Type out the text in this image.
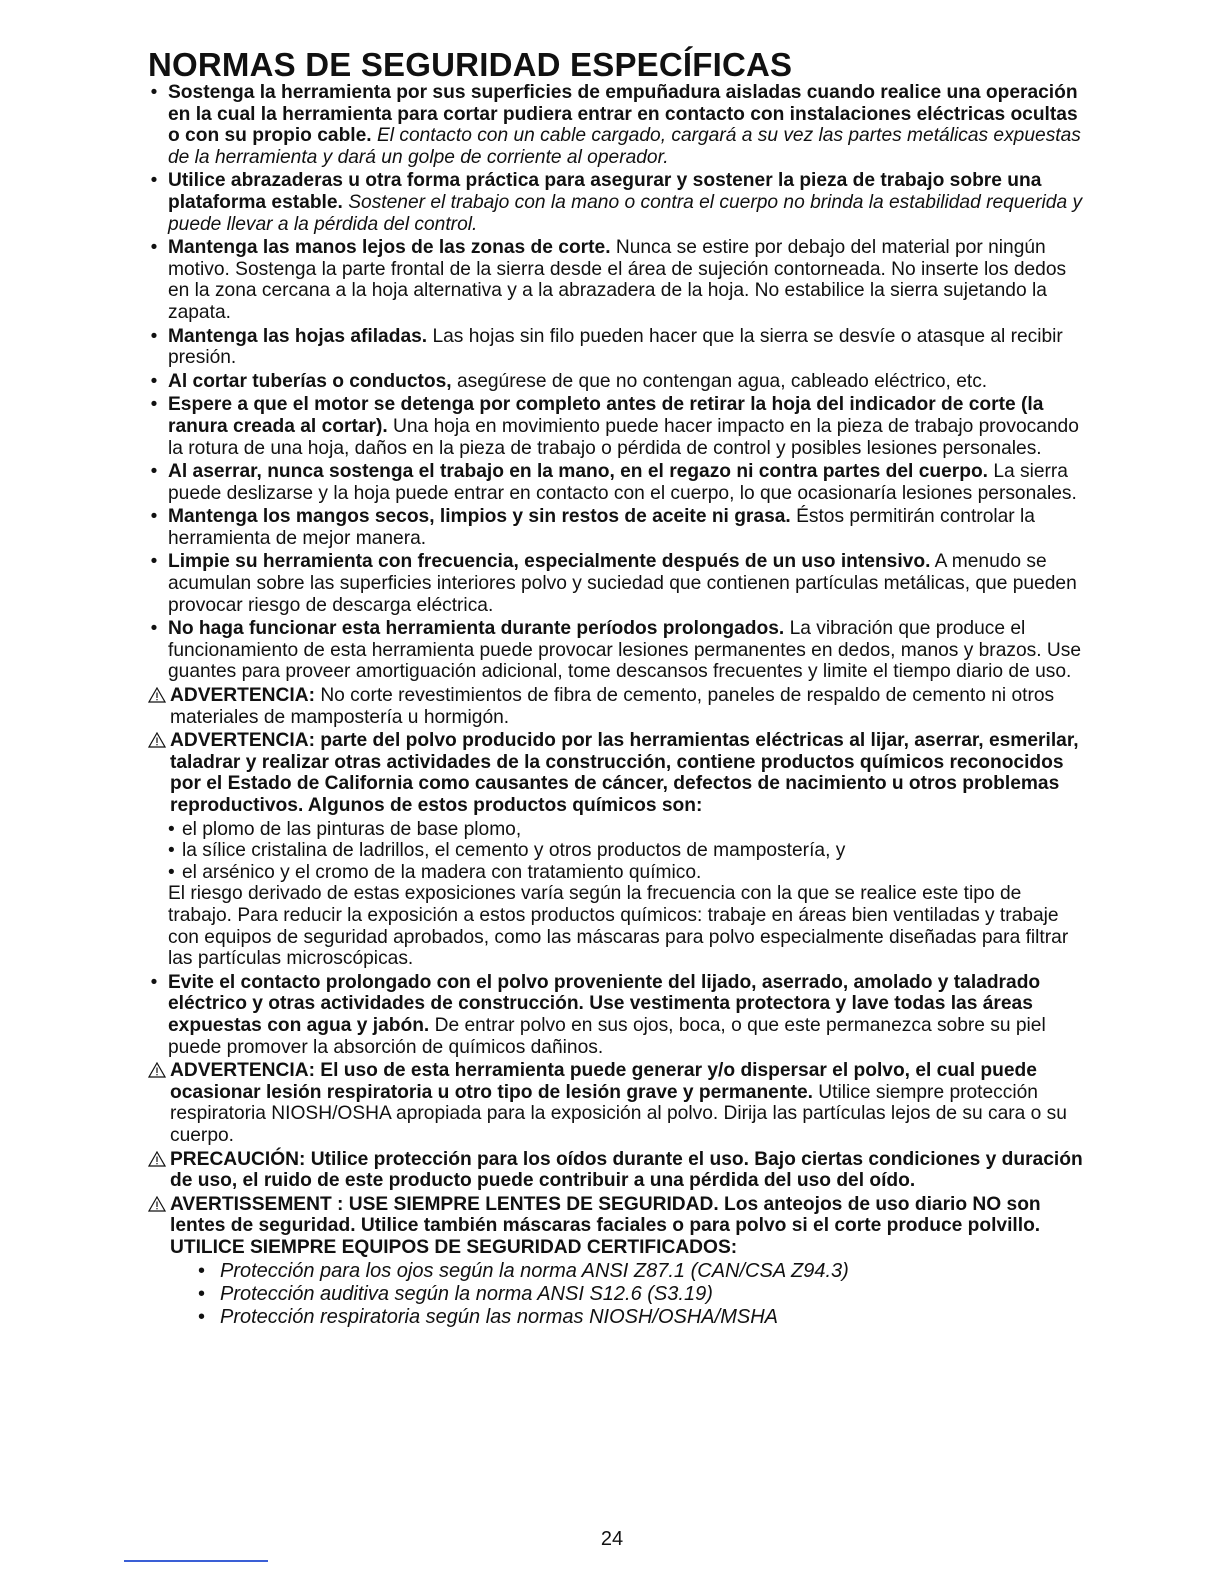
NORMAS DE SEGURIDAD ESPECÍFICAS
• Sostenga la herramienta por sus superficies de empuñadura aisladas cuando realice una operación en la cual la herramienta para cortar pudiera entrar en contacto con instalaciones eléctricas ocultas o con su propio cable. El contacto con un cable cargado, cargará a su vez las partes metálicas expuestas de la herramienta y dará un golpe de corriente al operador.
• Utilice abrazaderas u otra forma práctica para asegurar y sostener la pieza de trabajo sobre una plataforma estable. Sostener el trabajo con la mano o contra el cuerpo no brinda la estabilidad requerida y puede llevar a la pérdida del control.
• Mantenga las manos lejos de las zonas de corte. Nunca se estire por debajo del material por ningún motivo. Sostenga la parte frontal de la sierra desde el área de sujeción contorneada. No inserte los dedos en la zona cercana a la hoja alternativa y a la abrazadera de la hoja. No estabilice la sierra sujetando la zapata.
• Mantenga las hojas afiladas. Las hojas sin filo pueden hacer que la sierra se desvíe o atasque al recibir presión.
• Al cortar tuberías o conductos, asegúrese de que no contengan agua, cableado eléctrico, etc.
• Espere a que el motor se detenga por completo antes de retirar la hoja del indicador de corte (la ranura creada al cortar). Una hoja en movimiento puede hacer impacto en la pieza de trabajo provocando la rotura de una hoja, daños en la pieza de trabajo o pérdida de control y posibles lesiones personales.
• Al aserrar, nunca sostenga el trabajo en la mano, en el regazo ni contra partes del cuerpo. La sierra puede deslizarse y la hoja puede entrar en contacto con el cuerpo, lo que ocasionaría lesiones personales.
• Mantenga los mangos secos, limpios y sin restos de aceite ni grasa. Éstos permitirán controlar la herramienta de mejor manera.
• Limpie su herramienta con frecuencia, especialmente después de un uso intensivo. A menudo se acumulan sobre las superficies interiores polvo y suciedad que contienen partículas metálicas, que pueden provocar riesgo de descarga eléctrica.
• No haga funcionar esta herramienta durante períodos prolongados. La vibración que produce el funcionamiento de esta herramienta puede provocar lesiones permanentes en dedos, manos y brazos. Use guantes para proveer amortiguación adicional, tome descansos frecuentes y limite el tiempo diario de uso.
ADVERTENCIA: No corte revestimientos de fibra de cemento, paneles de respaldo de cemento ni otros materiales de mampostería u hormigón.
ADVERTENCIA: parte del polvo producido por las herramientas eléctricas al lijar, aserrar, esmerilar, taladrar y realizar otras actividades de la construcción, contiene productos químicos reconocidos por el Estado de California como causantes de cáncer, defectos de nacimiento u otros problemas reproductivos. Algunos de estos productos químicos son:
• el plomo de las pinturas de base plomo,
• la sílice cristalina de ladrillos, el cemento y otros productos de mampostería, y
• el arsénico y el cromo de la madera con tratamiento químico.
El riesgo derivado de estas exposiciones varía según la frecuencia con la que se realice este tipo de trabajo. Para reducir la exposición a estos productos químicos: trabaje en áreas bien ventiladas y trabaje con equipos de seguridad aprobados, como las máscaras para polvo especialmente diseñadas para filtrar las partículas microscópicas.
• Evite el contacto prolongado con el polvo proveniente del lijado, aserrado, amolado y taladrado eléctrico y otras actividades de construcción. Use vestimenta protectora y lave todas las áreas expuestas con agua y jabón. De entrar polvo en sus ojos, boca, o que este permanezca sobre su piel puede promover la absorción de químicos dañinos.
ADVERTENCIA: El uso de esta herramienta puede generar y/o dispersar el polvo, el cual puede ocasionar lesión respiratoria u otro tipo de lesión grave y permanente. Utilice siempre protección respiratoria NIOSH/OSHA apropiada para la exposición al polvo. Dirija las partículas lejos de su cara o su cuerpo.
PRECAUCIÓN: Utilice protección para los oídos durante el uso. Bajo ciertas condiciones y duración de uso, el ruido de este producto puede contribuir a una pérdida del uso del oído.
AVERTISSEMENT : USE SIEMPRE LENTES DE SEGURIDAD. Los anteojos de uso diario NO son lentes de seguridad. Utilice también máscaras faciales o para polvo si el corte produce polvillo. UTILICE SIEMPRE EQUIPOS DE SEGURIDAD CERTIFICADOS:
• Protección para los ojos según la norma ANSI Z87.1 (CAN/CSA Z94.3)
• Protección auditiva según la norma ANSI S12.6 (S3.19)
• Protección respiratoria según las normas NIOSH/OSHA/MSHA
24
